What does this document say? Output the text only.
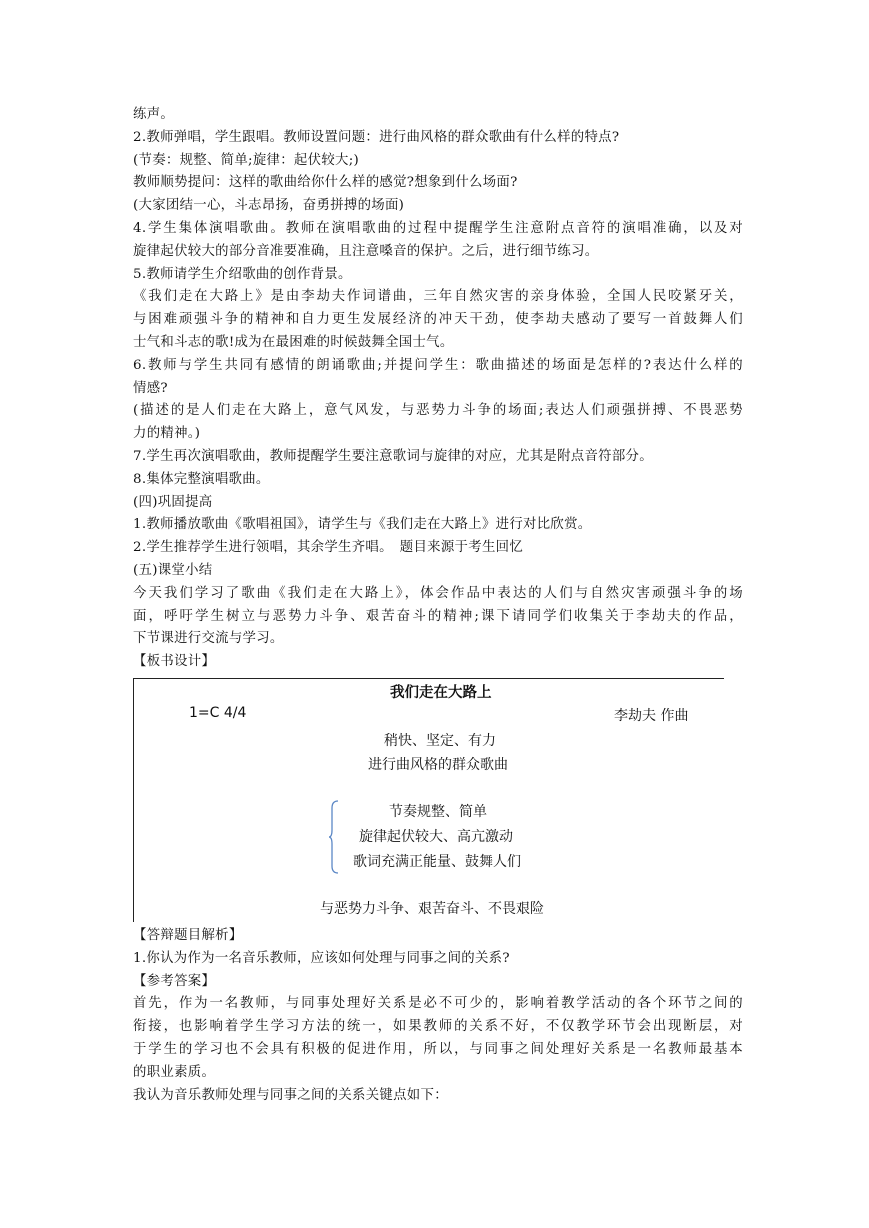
练声。
2.教师弹唱，学生跟唱。教师设置问题：进行曲风格的群众歌曲有什么样的特点?
(节奏：规整、简单;旋律：起伏较大;)
教师顺势提问：这样的歌曲给你什么样的感觉?想象到什么场面?
(大家团结一心，斗志昂扬，奋勇拼搏的场面)
4.学生集体演唱歌曲。教师在演唱歌曲的过程中提醒学生注意附点音符的演唱准确，以及对
旋律起伏较大的部分音准要准确，且注意嗓音的保护。之后，进行细节练习。
5.教师请学生介绍歌曲的创作背景。
《我们走在大路上》是由李劫夫作词谱曲，三年自然灾害的亲身体验，全国人民咬紧牙关，
与困难顽强斗争的精神和自力更生发展经济的冲天干劲，使李劫夫感动了要写一首鼓舞人们
士气和斗志的歌!成为在最困难的时候鼓舞全国士气。
6.教师与学生共同有感情的朗诵歌曲;并提问学生：歌曲描述的场面是怎样的?表达什么样的
情感?
(描述的是人们走在大路上，意气风发，与恶势力斗争的场面;表达人们顽强拼搏、不畏恶势
力的精神。)
7.学生再次演唱歌曲，教师提醒学生要注意歌词与旋律的对应，尤其是附点音符部分。
8.集体完整演唱歌曲。
(四)巩固提高
1.教师播放歌曲《歌唱祖国》，请学生与《我们走在大路上》进行对比欣赏。
2.学生推荐学生进行领唱，其余学生齐唱。　题目来源于考生回忆
(五)课堂小结
今天我们学习了歌曲《我们走在大路上》，体会作品中表达的人们与自然灾害顽强斗争的场
面，呼吁学生树立与恶势力斗争、艰苦奋斗的精神;课下请同学们收集关于李劫夫的作品，
下节课进行交流与学习。
【板书设计】
我们走在大路上
1=C 4/4	李劫夫 作曲
稍快、坚定、有力
进行曲风格的群众歌曲
节奏规整、简单
旋律起伏较大、高亢激动
歌词充满正能量、鼓舞人们
与恶势力斗争、艰苦奋斗、不畏艰险
【答辩题目解析】
1.你认为作为一名音乐教师，应该如何处理与同事之间的关系?
【参考答案】
首先，作为一名教师，与同事处理好关系是必不可少的，影响着教学活动的各个环节之间的
衔接，也影响着学生学习方法的统一，如果教师的关系不好，不仅教学环节会出现断层，对
于学生的学习也不会具有积极的促进作用，所以，与同事之间处理好关系是一名教师最基本
的职业素质。
我认为音乐教师处理与同事之间的关系关键点如下：
